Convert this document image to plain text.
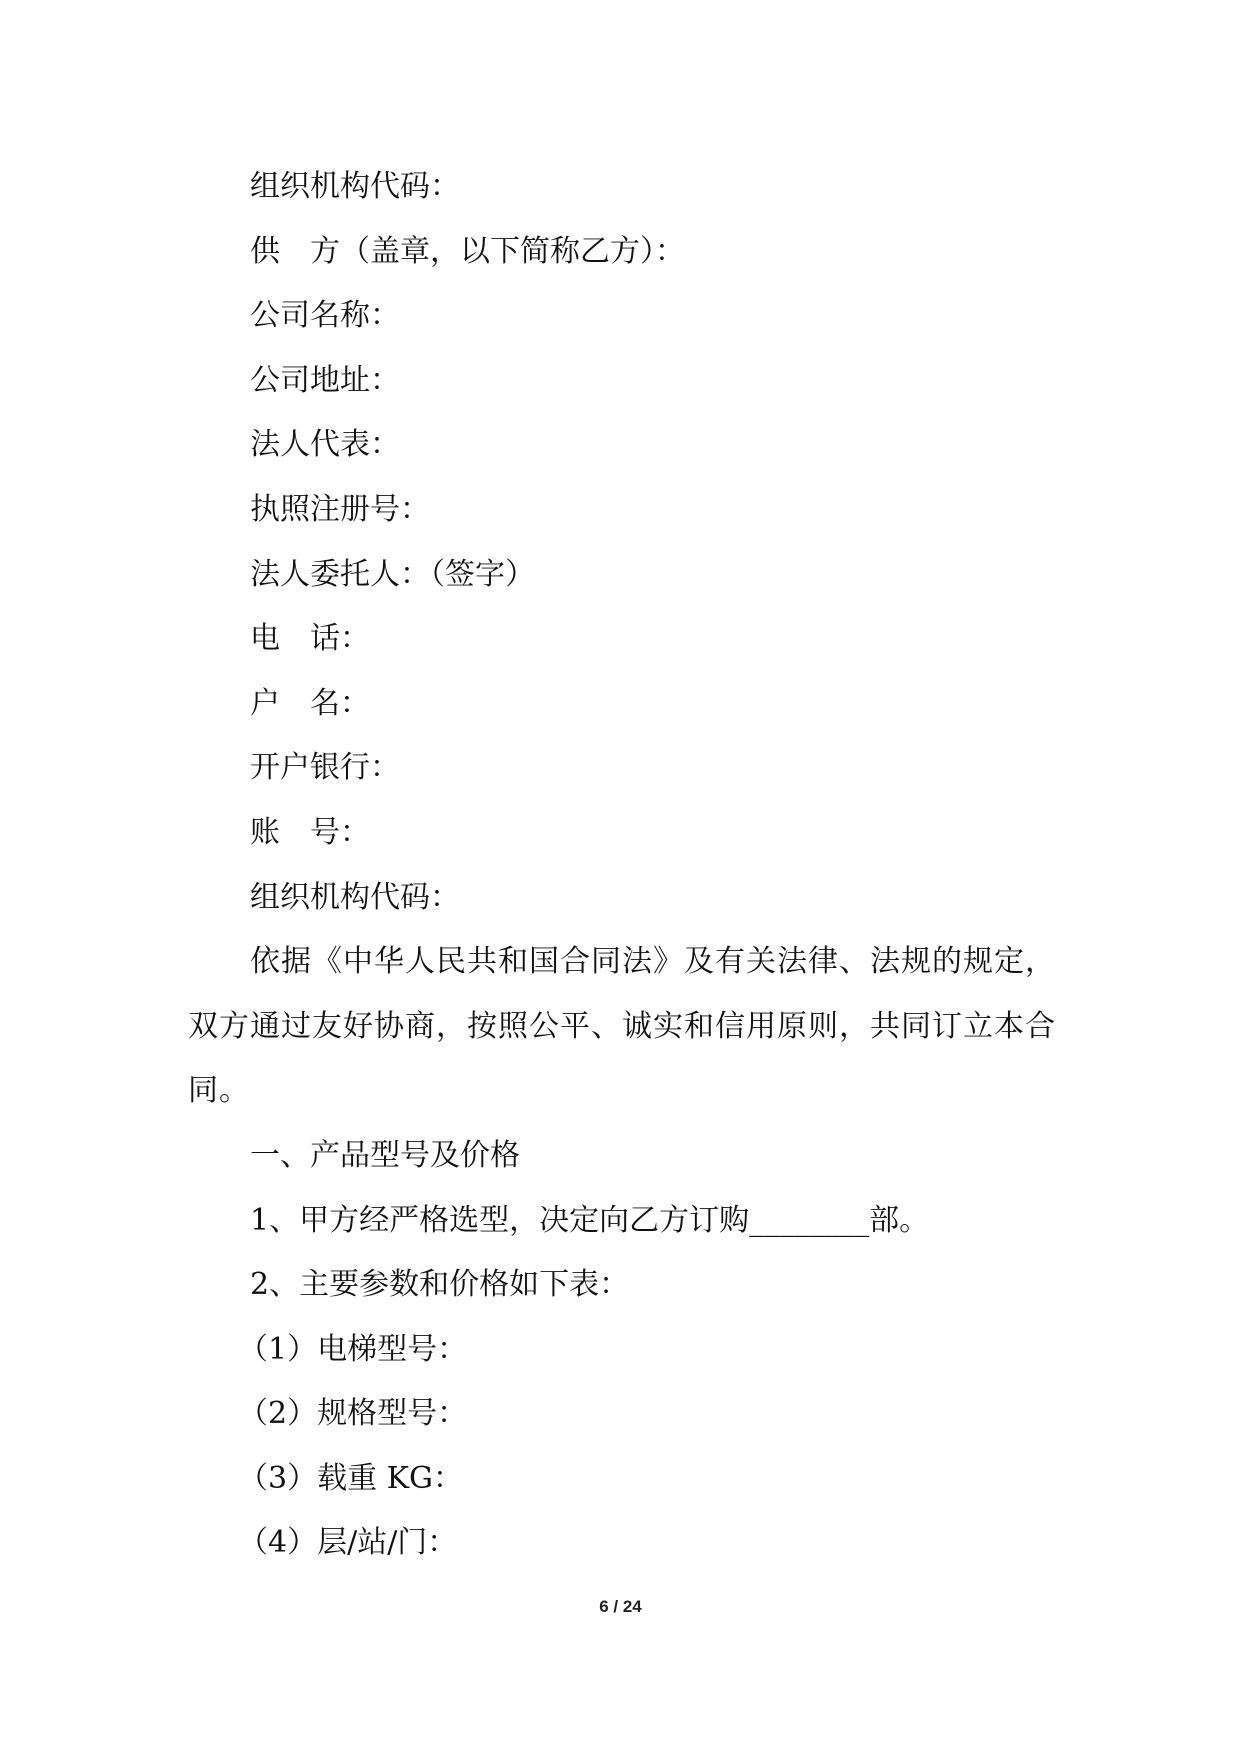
组织机构代码：
供　方（盖章，以下简称乙方）：
公司名称：
公司地址：
法人代表：
执照注册号：
法人委托人：（签字）
电　话：
户　名：
开户银行：
账　号：
组织机构代码：
依据《中华人民共和国合同法》及有关法律、法规的规定，双方通过友好协商，按照公平、诚实和信用原则，共同订立本合同。
一、产品型号及价格
1、甲方经严格选型，决定向乙方订购________部。
2、主要参数和价格如下表：
（1）电梯型号：
（2）规格型号：
（3）载重 KG：
（4）层/站/门：
6 / 24
